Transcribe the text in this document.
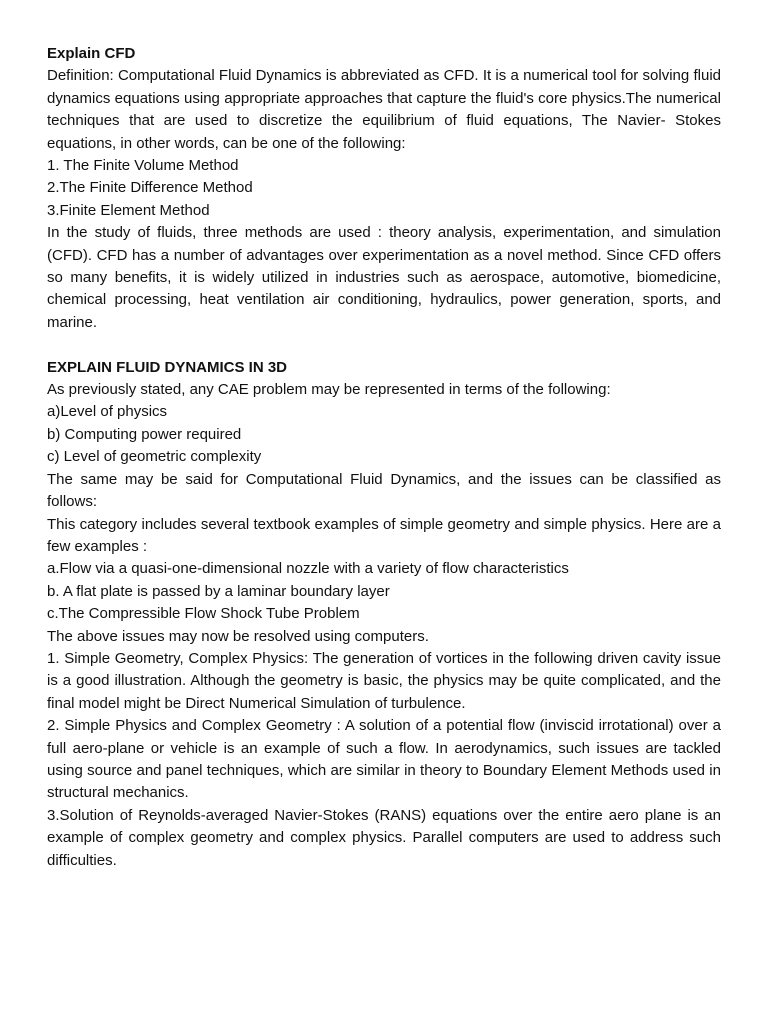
Explain CFD

Definition: Computational Fluid Dynamics is abbreviated as CFD. It is a numerical tool for solving fluid dynamics equations using appropriate approaches that capture the fluid's core physics.The numerical techniques that are used to discretize the equilibrium of fluid equations, The Navier- Stokes equations, in other words, can be one of the following:

1. The Finite Volume Method

2.The Finite Difference Method

3.Finite Element Method

In the study of fluids, three methods are used : theory analysis, experimentation, and simulation (CFD). CFD has a number of advantages over experimentation as a novel method. Since CFD offers so many benefits, it is widely utilized in industries such as aerospace, automotive, biomedicine, chemical processing, heat ventilation air conditioning, hydraulics, power generation, sports, and marine.

EXPLAIN FLUID DYNAMICS IN 3D

As previously stated, any CAE problem may be represented in terms of the following:

a)Level of physics

b) Computing power required

c) Level of geometric complexity

The same may be said for Computational Fluid Dynamics, and the issues can be classified as follows:

This category includes several textbook examples of simple geometry and simple physics. Here are a few examples :

a.Flow via a quasi-one-dimensional nozzle with a variety of flow characteristics

b. A flat plate is passed by a laminar boundary layer

c.The Compressible Flow Shock Tube Problem

The above issues may now be resolved using computers.

1. Simple Geometry, Complex Physics: The generation of vortices in the following driven cavity issue is a good illustration. Although the geometry is basic, the physics may be quite complicated, and the final model might be Direct Numerical Simulation of turbulence.

2. Simple Physics and Complex Geometry : A solution of a potential flow (inviscid irrotational) over a full aero-plane or vehicle is an example of such a flow. In aerodynamics, such issues are tackled using source and panel techniques, which are similar in theory to Boundary Element Methods used in structural mechanics.

3.Solution of Reynolds-averaged Navier-Stokes (RANS) equations over the entire aero plane is an example of complex geometry and complex physics. Parallel computers are used to address such difficulties.
